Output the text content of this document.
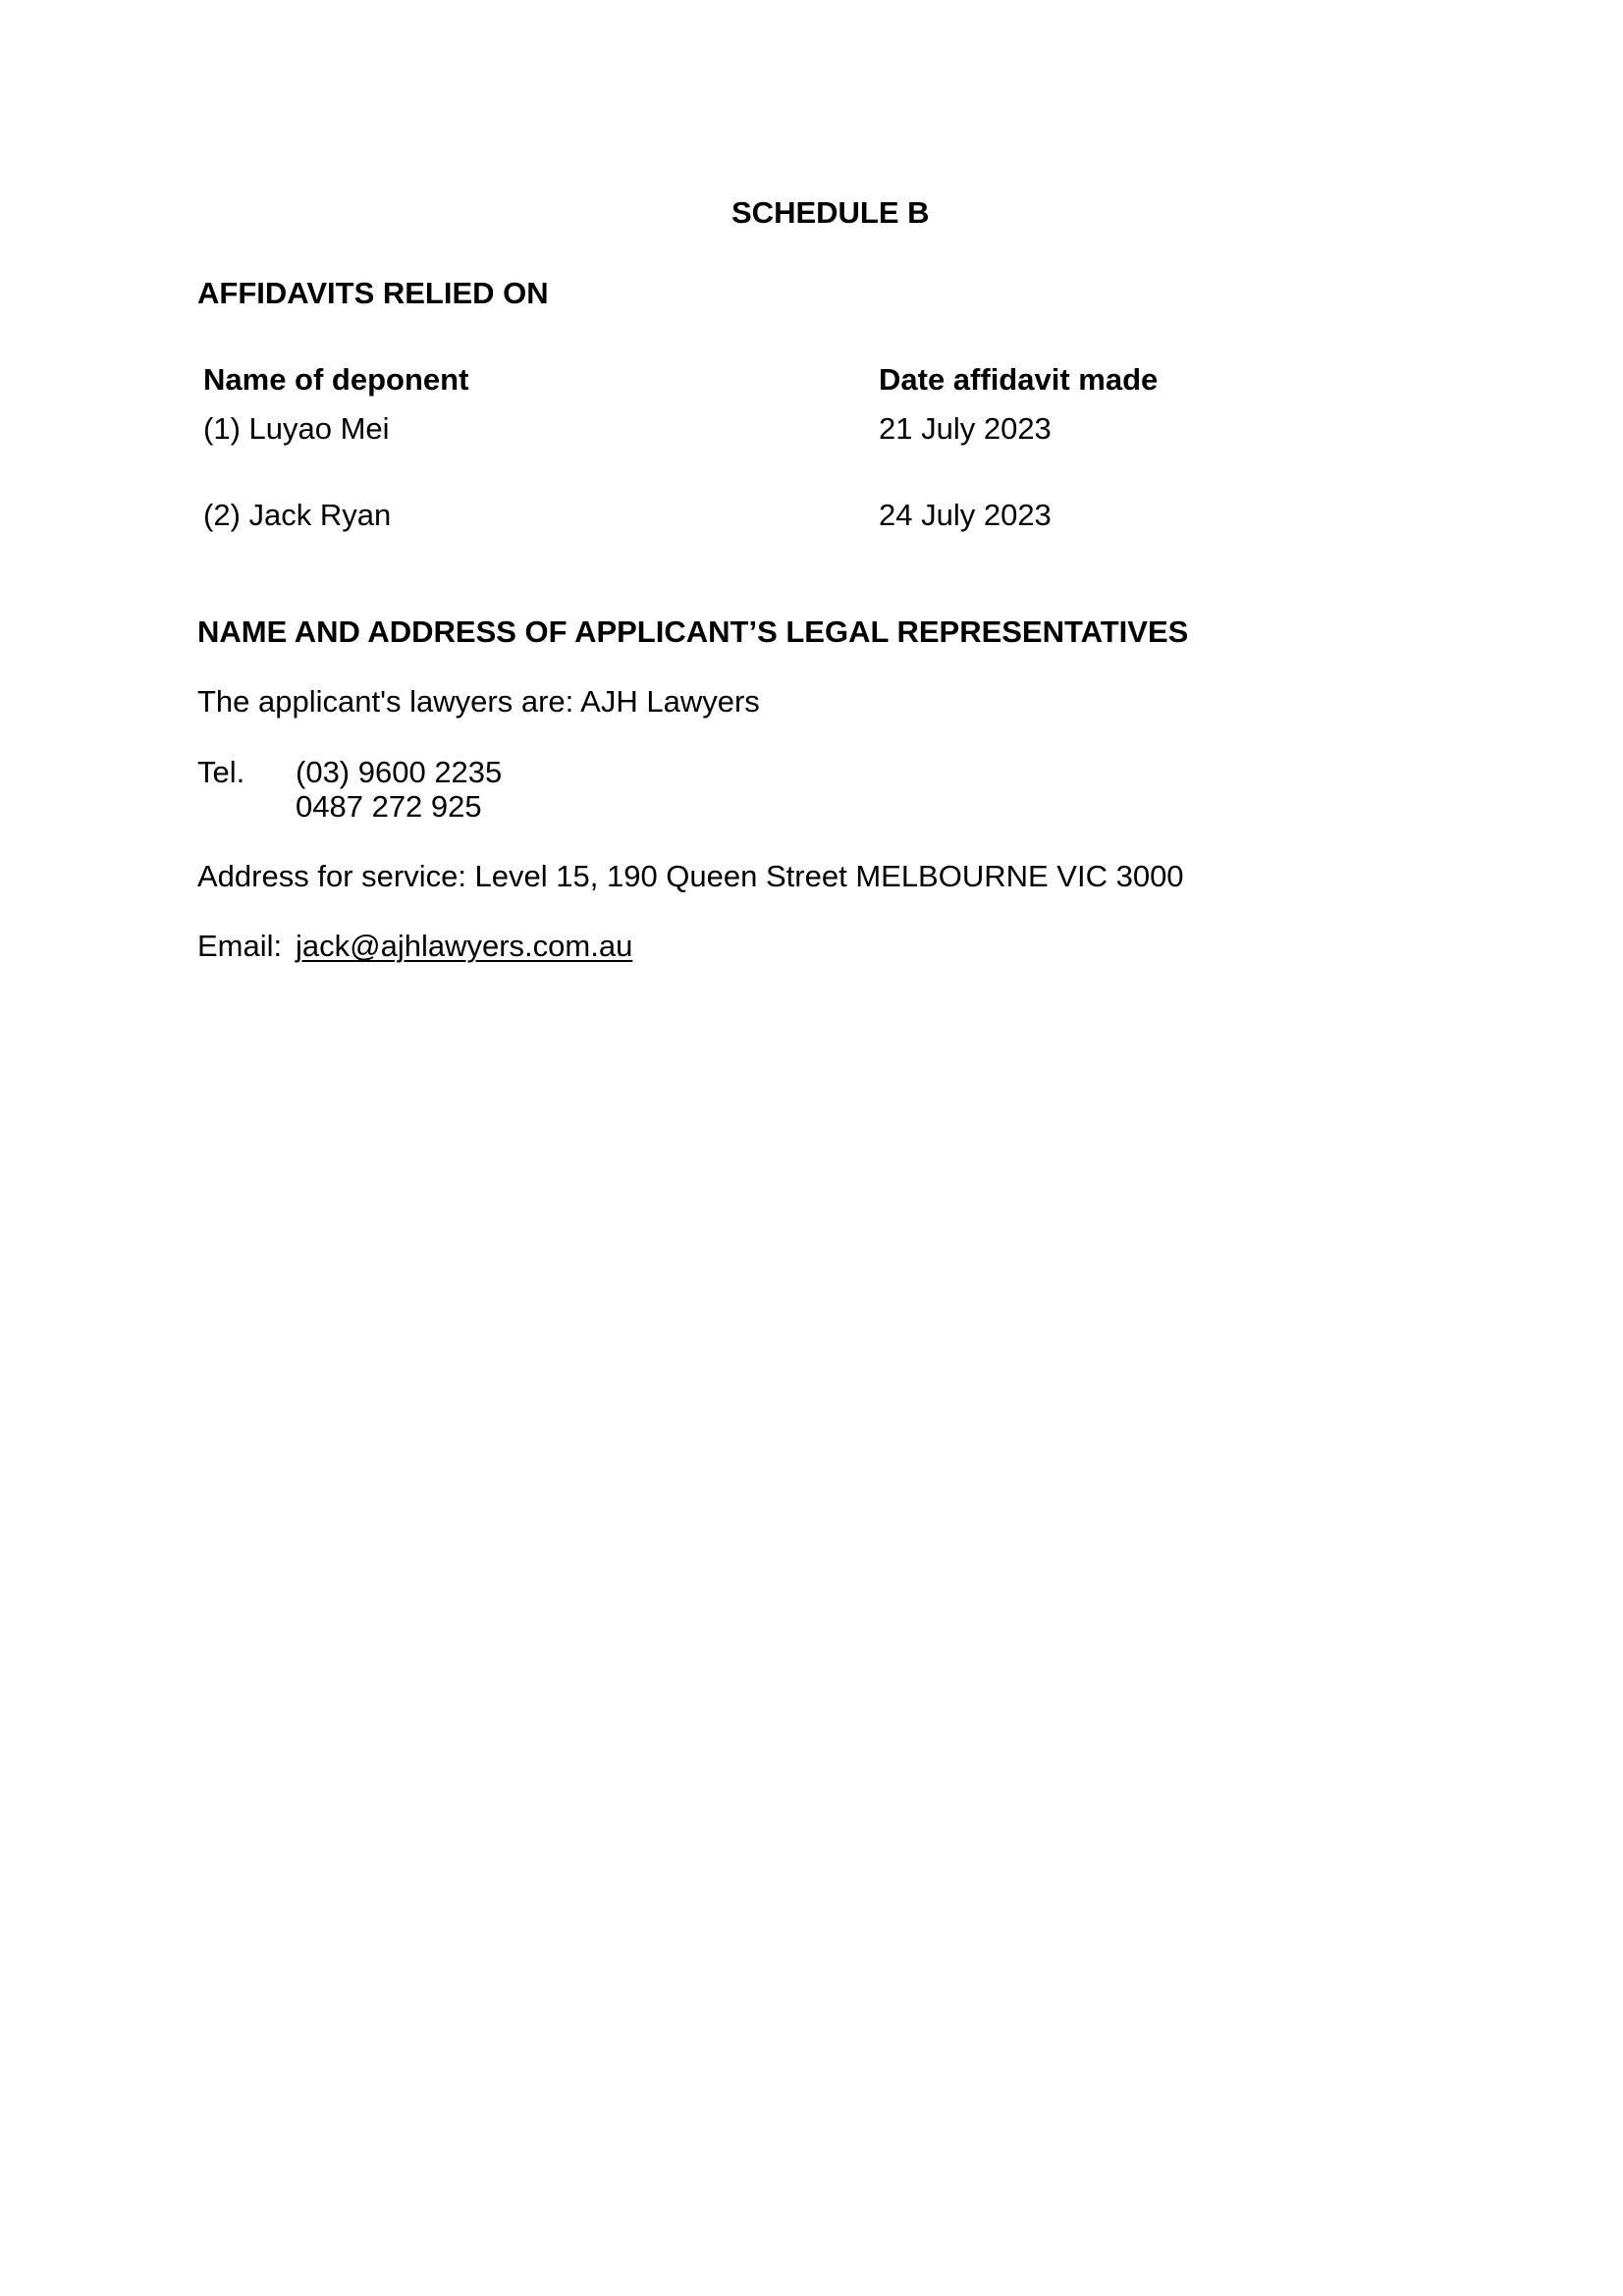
SCHEDULE B
AFFIDAVITS RELIED ON
Name of deponent	Date affidavit made
(1) Luyao Mei	21 July 2023
(2) Jack Ryan	24 July 2023
NAME AND ADDRESS OF APPLICANT’S LEGAL REPRESENTATIVES
The applicant's lawyers are: AJH Lawyers
Tel. (03) 9600 2235
0487 272 925
Address for service: Level 15, 190 Queen Street MELBOURNE VIC 3000
Email: jack@ajhlawyers.com.au
